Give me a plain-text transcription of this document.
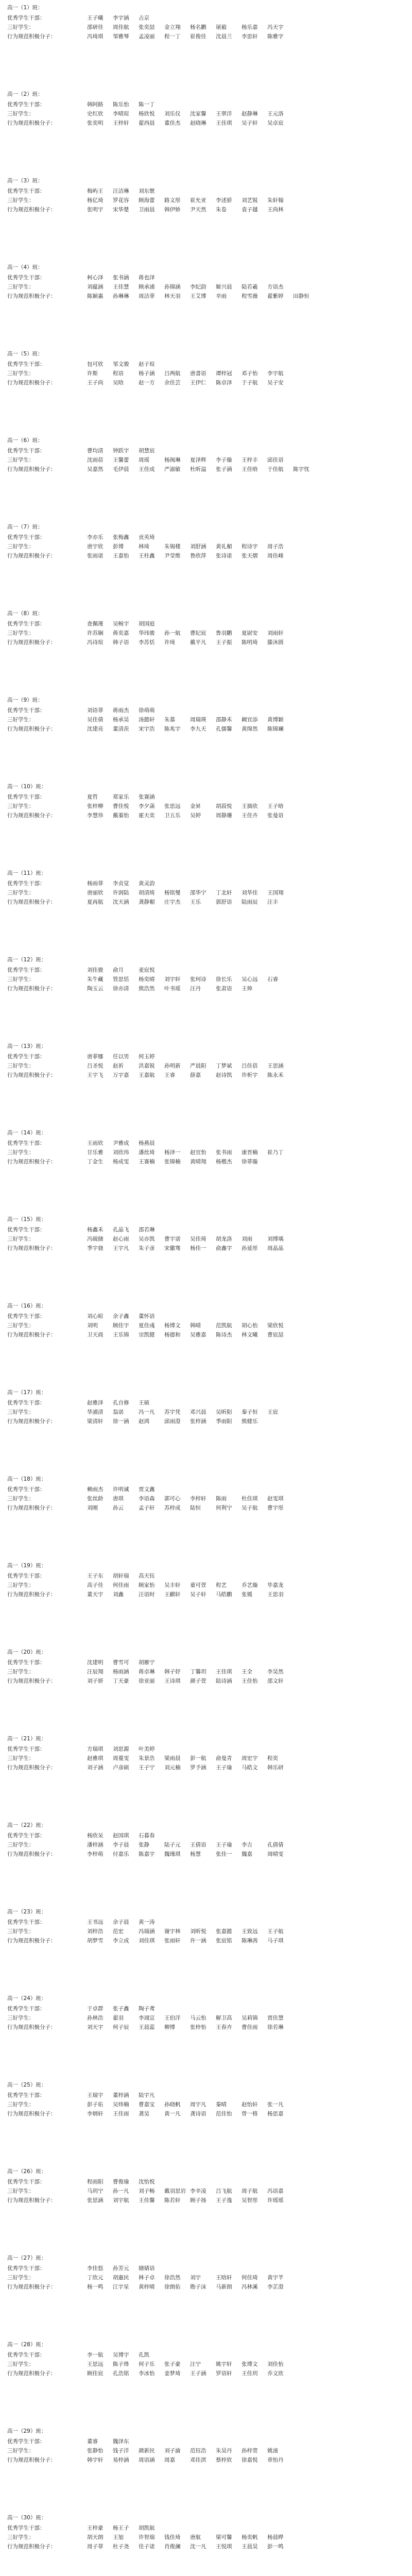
高一（1）班：
优秀学生干部：	王子曦	李宇涵	占京
三好学生：	邵研佳	周佳航	张奕喆	金立翔	杨名鹏	屠毅	杨乐嘉	冯天宇
行为规范积极分子：	冯琦琪	邹雅琴	孟凌丽	程一丁	崔俊佳	沈晨兰	李思轩	陈雅字
高一（2）班：
优秀学生干部：	韩阿路	陈乐怡	陈一丁
三好学生：	史红欣	李晴瑄	杨欣悦	刘乐仪	沈家馨	王翠洋	赵静琳	王元洛
行为规范积极分子：	张奕明	王梓轩	翟西晨	董佳杰	赵晓琳	王佳琪	吴子轩	吴卓宸
高一（3）班：
优秀学生干部：	梅屿王	汪洁琳	刘东惬
三好学生：	杨亿琦	罗花容	顾海蕾	路文彤	崔允亚	李述骄	刘艺锐	朱轩翰
行为规范积极分子：	张明宇	宋华楚	卫雨晨	韩伊娇	尹天然	朱卷	袁子越	王尚林
高一（4）班：
优秀学生干部：	柯心泽	张书涵	蒋也泽
三好学生：	刘蕴涵	王佳慧	顾承浦	孙锦涵	李纪韵	姬兴晨	陆若羲	方语杰
行为规范积极分子：	陈颖惠	孙琳琳	周洁菲	林天羽	王艾博	辛雨	程雪薇	翟紫婷	田静恒
高一（5）班：
优秀学生干部：	包可欣	邹文骏	赵子瑄
三好学生：	许斯	程语	杨子涵	吕两航	唐書语	谭梓冠	邓子怡	李宇航
行为规范积极分子：	王子尚	吴晗	赵一方	余佳芸	王伊仁	陈卓泽	于子航	吴子安
高一（6）班：
优秀学生干部：	曹均清	钟跃宇	胡慧宸
三好学生：	沈雨蓓	王馨蕾	周瑶	杨闽琳	夏泽辉	李子璇	王梓丰	邱佳语
行为规范积极分子：	吴嘉然	毛伊晨	王佳成	严淑敏	杜昕溢	张子涵	王佳晗	于佳航	陈宇忱
高一（7）班：
优秀学生干部：	李亦乐	张梅鑫	贡英琦
三好学生：	唐宇欣	彭博	林琦	朱锡楼	刘舒涵	黄礼楣	程诗字	周子浩
行为规范积极分子：	张雨诺	王嘉怡	王柱鑫	尹莹维	鲁欣萍	张诗诺	张天熠	周佳峰
高一（8）班：
优秀学生干部：	查佩瑾	吴畅宇	胡国庭
三好学生：	许苏娴	蒋奕嘉	华玮骏	孙一航	曹纪宸	鲁羽鹏	夏尉安	刘雨轩
行为规范积极分子：	冯诗瑄	韩子语	李苏恬	许琦	戴平凡	王子振	陈明琦	滕沐圆
高一（9）班：
优秀学生干部：	刘语菲	蒋雨杰	徐萌萌
三好学生：	吴佳倩	杨承昊	汤懿轩	朱慕	周瑞瑛	邵静禾	阚宜添	黄博颖
行为规范积极分子：	沈建亮	董清茨	宋宇浩	陈兆宇	李九天	孔儒馨	黄绵然	陈锦斓
高一（10）班：
优秀学生干部：	夏哲	郑家乐	张赛涵
三好学生：	张梓柳	曹佳悦	李夕菡	张思远	金昇	胡菽悦	王旖欣	王子晗
行为规范积极分子：	李慧珍	戴蓁怡	霍天奕	卫五乐	吴婷	周静珊	王佳卉	张曼语
高一（11）班：
优秀学生干部：	杨雨菲	李贞觉	黄灵韵
三好学生：	唐丽欣	许润陆	胡清绮	杨铭燮	邵华宁	丁北轩	刘华佳	王国翔
行为规范积极分子：	夏再航	沈天涵	龚静楣	庄宇杰	王乐	郭舒语	陆雨辰	汪丰
高一（12）班：
优秀学生干部：	刘佳骏	俞月	麦宸悦
三好学生：	朱牛藏	管思恬	杨奕晴	刘宇轩	张珂诗	徐长乐	吴心远	石睿
行为规范积极分子：	陶玉云	徐亦清	熊浩然	叶书瑶	汪丹	张肃语	王帅
高一（13）班：
优秀学生干部：	唐菲娜	任以男	何玉婷
三好学生：	吕圣悦	赵祈	洪嘉锐	孙明新	严晨阳	丁梦斌	吕佳蓓	王思涵
行为规范积极分子：	王宇飞	万宇嘉	王嘉航	王睿	薛嘉	赵诗凯	许析宇	陈永禾
高一（14）班：
优秀学生干部：	王雨欣	尹雅成	杨燕晨
三好学生：	甘乐雅	刘欣玮	潘丝琦	杨泽一	赵宜怡	张书雨	康晋楠	崔乃丁
行为规范积极分子：	丁金生	杨成雯	王赛楠	张锦楠	黄晴翔	杨楷杰	徐菲璇
高一（15）班：
优秀学生干部：	杨鑫禾	孔晶飞	邵若琳
三好学生：	冯砚储	赵心雨	吴亦凯	曹宇诺	吴佳琦	胡龙洛	刘雨	刘博瑀
行为规范积极分子：	季宇骁	王宇凡	朱子彦	宋徽骞	杨佳一	俞鑫宇	孙延彤	周晶晶
高一（16）班：
优秀学生干部：	刘心暄	余子鑫	董怀语
三好学生：	刘明	顾佳宇	夏佳彧	杨博文	韩晴	范凯航	胡心怡	梁欣悦
行为规范积极分子：	卫天商	王乐锦	宗凯健	杨德和	吴雅嘉	陈诗杰	林文曦	曹宸喆
高一（17）班：
优秀学生干部：	赵雅泽	孔自修	王硕
三好学生：	华浦清	翁诺	冯一凡	苏宇凭	邓兴晨	吴昕阳	秦子恒	王宸
行为规范积极分子：	梁清轩	徐一涵	赵鸿	邱雨澄	张梓涵	季雨阳	熊健乐
高一（18）班：
优秀学生干部：	赖雨杰	许明诚	贾文鑫
三好学生：	张丝龄	唐琪	李语森	郭可心	李梓轩	陈雨	杜佳琪	赵雯琪
行为规范积极分子：	刘刚	孙云	孟子轩	苏梓成	陆恒	何利宁	吴子航	曹宇彤
高一（19）班：
优秀学生干部：	王子东	胡轩瑞	高天钰
三好学生：	高子佳	何佳雨	顾家怡	吴丰轩	童可萱	程艺	乔艺璇	毕嘉龙
行为规范积极分子：	董天宇	刘鑫	汪语时	王麒轩	吴子轩	马皓鹏	张媛	王思羽
高一（20）班：
优秀学生干部：	沈建明	曹雪可	胡雁宁
三好学生：	汪辰翔	杨雨涵	蒋卓琳	韩子妤	丁馨玥	王佳琪	王全	李昊然
行为规范积极分子：	刘子妍	丁天豪	徐亚丽	王诗琪	颜子萱	陆诗涵	王佳怡	邵文轩
高一（21）班：
优秀学生干部：	方瑞琪	刘思源	叶美婷
三好学生：	赵雅琪	周蔓雯	朱景浩	梁雨晨	彭一航	俞曼青	周宏宇	程奕
行为规范积极分子：	刘子涵	卢彦硕	王子宁	刘元楠	罗予涵	王子瑜	马皓文	韩乐研
高一（22）班：
优秀学生干部：	杨欣呆	赵国琪	石暮春
三好学生：	潘梓涵	李子晨	张静	陆子元	王倩语	王子瑜	李吉	孔倩倩
行为规范积极分子：	李梓萌	付嘉乐	陈嘉宇	魏瑾琪	杨慧	张佳一	魏嘉	周晴雯
高一（23）班：
优秀学生干部：	王书远	余子晨	黄一涛
三好学生：	刘梓浩	范宏	冯瑞涵	谢宇林	刘昕悦	张嘉懿	王致远	王子航
行为规范积极分子：	胡梦雪	李立成	刘佳琪	张雨轩	许一涵	张宸铭	陈琳茜	马子琪
高一（24）班：
优秀学生干部：	于卓群	张子鑫	陶子鸢
三好学生：	孙林浩	翟羽	李翊宣	王伯洋	马云怡	解卫高	吴莉锦	贾佳慧
行为规范积极分子：	刘天宇	何子辰	王晨蕊	柳博	张梓怡	王春卉	曹佳雨	徐若琳
高一（25）班：
优秀学生干部：	王瑞宇	董梓涵	陆宇凡
三好学生：	彭子佑	吴炜楠	曹嘉宝	孙晓帆	周宇凡	秦晴	赵怡轩	张一凡
行为规范积极分子：	李炳轩	王佳雨	龚昊	黄一凡	龚诗语	范佳怡	曾一格	杨思嘉
高一（26）班：
优秀学生干部：	程雨阳	曹俊瑜	沈怡悦
三好学生：	马玥宁	孙一凡	刘子畅	戴羽思岩 李辛凌	吕飞航	周子航	冯语嘉
行为规范积极分子：	张思涵	刘宇航	王佳馨	陈若轩	顾子扬	王子逸	吴智彤	许瑶瑶
高一（27）班：
优秀学生干部：	李佳悠	孙芳元	储婧语
三好学生：	丁欣元	胡惠民	林子卓	徐浩然	刘宇	王晗轩	何佳琦	黄宇芊
行为规范积极分子：	杨一鸣	江宇星	黄梓晴	徐朗佑	勘子沫	马新朗	冯林溪	李芷澄
高一（28）班：
优秀学生干部：	李一航	吴博宇	孔凯
三好学生：	王思远	陈子烽	何子乐	张子豪	汪宁	姚宇轩	张博文	刘佳怡
行为规范积极分子：	顾佳宸	孔浩铭	李冰怡	姜梦琦	王子涵	罗语轩	王佳玥	乔文欣
高一（29）班：
优秀学生干部：	董睿	魏泽东
三好学生：	张静怡	钱子洋	颜新民	刘子渝	范钰浩	朱昊丹	孙梓萱	姚潼
行为规范积极分子：	韩宇轩	易梓涵	周语涵	周嘉	邓佳淇	蔡梓欣	徐嘉悦	章怡丹
高一（30）班：
优秀学生干部：	王梓豪	杨王子	胡凯航
三好学生：	胡天朗	王旭	许智瑞	钱佳琦	唐航	梁可馨	杨奕帆	杨晨晔
行为规范积极分子：	周子菲	杜子尧	佳子诺	肖俊澜	沈一凡	王悦琪	王晨昊	彭一鸣
